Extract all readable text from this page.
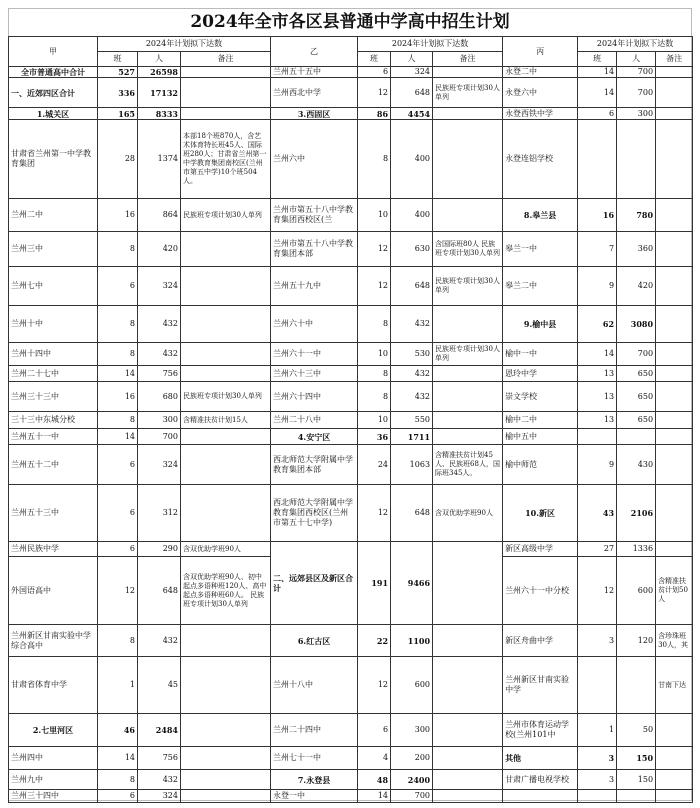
2024年全市各区县普通中学高中招生计划
甲	2024年计划拟下达数			乙	2024年计划拟下达数			丙	2024年计划拟下达数		
	班	人	备注		班	人	备注		班	人	备注
全市普通高中合计	527	26598		兰州五十五中	6	324		永登二中	14	700	
一、近郊四区合计	336	17132		兰州西北中学	12	648	民族班专项计划30人单列	永登六中	14	700	
1.城关区	165	8333		3.西固区	86	4454		永登西铁中学	6	300	
甘肃省兰州第一中学教育集团	28	1374	本部18个班870人，含艺术体育特长班45人、国际班280人；甘肃省兰州第一中学教育集团南校区(兰州市第五中学)10个班504人。	兰州六中	8	400		永登连铝学校			
兰州二中	16	864	民族班专项计划30人单列	兰州市第五十八中学教育集团西校区(兰	10	400		8.皋兰县	16	780	
兰州三中	8	420		兰州市第五十八中学教育集团本部	12	630	含国际班80人 民族班专项计划30人单列	皋兰一中	7	360	
兰州七中	6	324		兰州五十九中	12	648	民族班专项计划30人单列	皋兰二中	9	420	
兰州十中	8	432		兰州六十中	8	432		9.榆中县	62	3080	
兰州十四中	8	432		兰州六十一中	10	530	民族班专项计划30人单列	榆中一中	14	700	
兰州二十七中	14	756		兰州六十三中	8	432		恩玲中学	13	650	
兰州三十三中	16	680	民族班专项计划30人单列	兰州六十四中	8	432		崇文学校	13	650	
三十三中东城分校	8	300	含精准扶贫计划15人	兰州二十八中	10	550		榆中二中	13	650	
兰州五十一中	14	700		4.安宁区	36	1711		榆中五中			
兰州五十二中	6	324		西北师范大学附属中学教育集团本部	24	1063	含精准扶贫计划45人、民族班68人，国际班345人。	榆中师范	9	430	
兰州五十三中	6	312		西北师范大学附属中学教育集团西校区(兰州市第五十七中学)	12	648	含双优助学班90人	10.新区	43	2106	
兰州民族中学	6	290	含双优助学班90人	二、远郊县区及新区合计	191	9466		新区高级中学	27	1336	
外国语高中	12	648	含双优助学班90人、初中起点多语种班120人、高中起点多语种班60人。 民族班专项计划30人单列					兰州六十一中分校	12	600	含精准扶贫计划50人
兰州新区甘南实验中学综合高中	8	432		6.红古区	22	1100		新区舟曲中学	3	120	含珍珠班30人，其
甘肃省体育中学	1	45		兰州十八中	12	600		兰州新区甘南实验中学			甘南下达
2.七里河区	46	2484		兰州二十四中	6	300		兰州市体育运动学校(兰州101中	1	50	
兰州四中	14	756		兰州七十一中	4	200		其他	3	150	
兰州九中	8	432		7.永登县	48	2400		甘肃广播电视学校	3	150	
兰州三十四中	6	324		永登一中	14	700					
